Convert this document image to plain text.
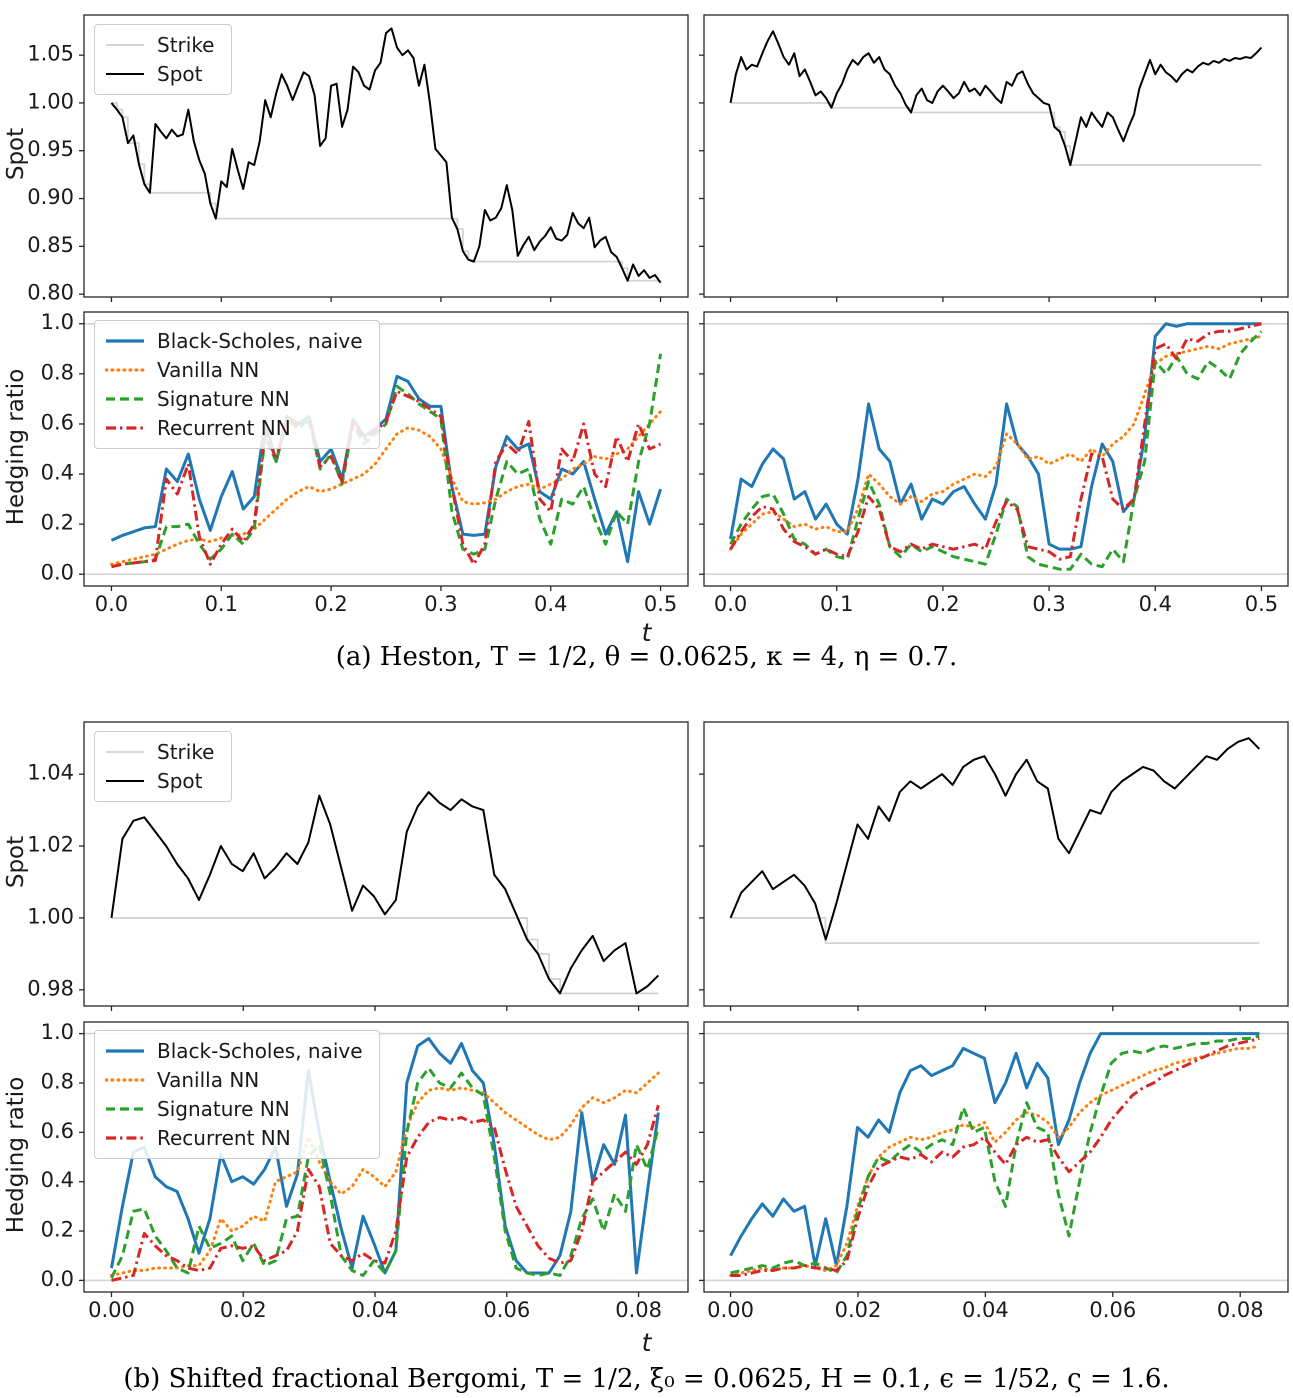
Spot
Hedging ratio
Spot
Hedging ratio
t
t
(a) Heston, T = 1/2, θ = 0.0625, κ = 4, η = 0.7.
(b) Shifted fractional Bergomi, T = 1/2, ξ₀ = 0.0625, H = 0.1, ϵ = 1/52, ς = 1.6.
Strike
Spot
Black-Scholes, naive
Vanilla NN
Signature NN
Recurrent NN
Strike
Spot
Black-Scholes, naive
Vanilla NN
Signature NN
Recurrent NN
